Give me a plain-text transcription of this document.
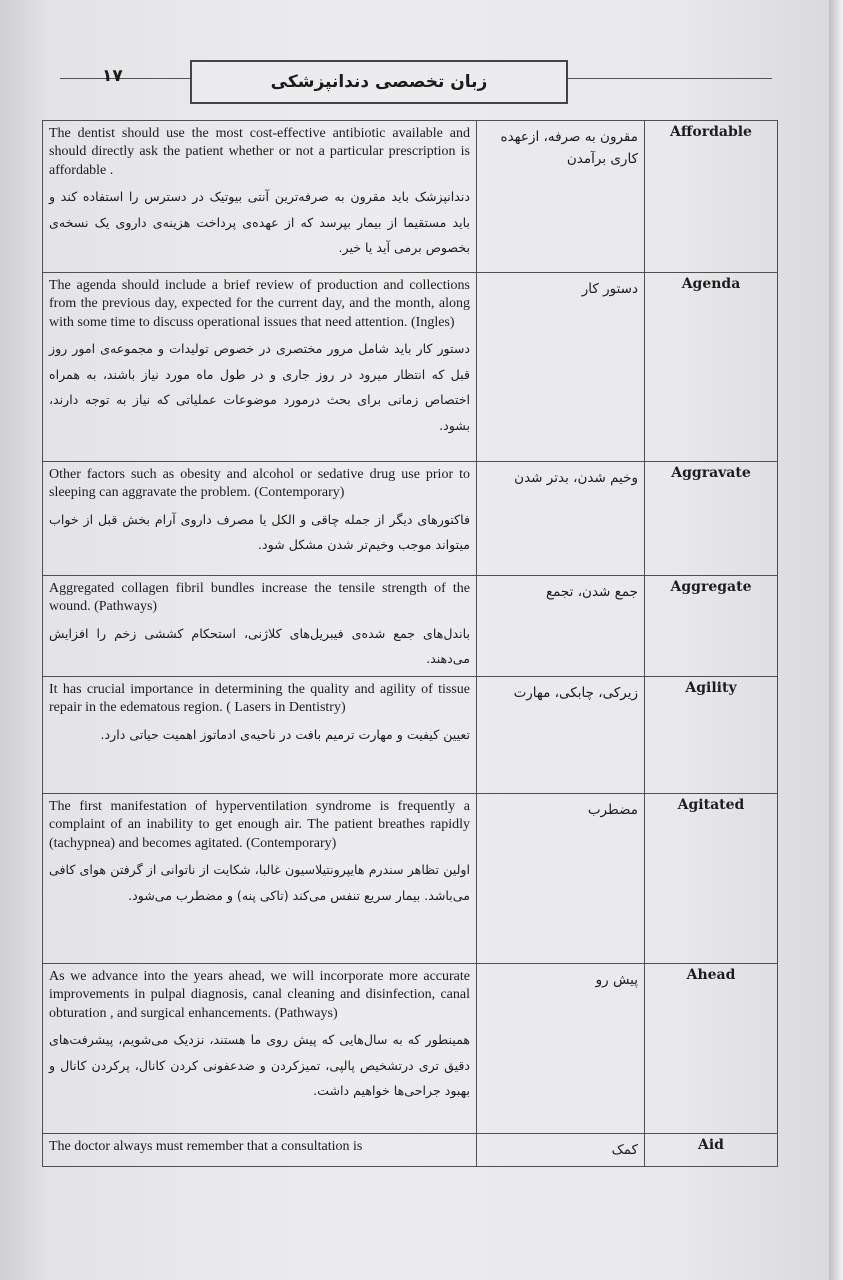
۱۷	زبان تخصصی دندانپزشکی
The dentist should use the most cost-effective antibiotic available and should directly ask the patient whether or not a particular prescription is affordable .
دندانپزشک باید مقرون به صرفه‌ترین آنتی بیوتیک در دسترس را استفاده کند و باید مستقیما از بیمار بپرسد که از عهده‌ی پرداخت هزینه‌ی داروی یک نسخه‌ی بخصوص برمی آید یا خیر.	مقرون به صرفه، ازعهده کاری برآمدن	Affordable

The agenda should include a brief review of production and collections from the previous day, expected for the current day, and the month, along with some time to discuss operational issues that need attention. (Ingles)
دستور کار باید شامل مرور مختصری در خصوص تولیدات و مجموعه‌ی امور روز قبل که انتظار میرود در روز جاری و در طول ماه مورد نیاز باشند، به همراه اختصاص زمانی برای بحث درمورد موضوعات عملیاتی که نیاز به توجه دارند، بشود.	دستور کار	Agenda

Other factors such as obesity and alcohol or sedative drug use prior to sleeping can aggravate the problem. (Contemporary)
فاکتورهای دیگر از جمله چاقی و الکل یا مصرف داروی آرام بخش قبل از خواب میتواند موجب وخیم‌تر شدن مشکل شود.	وخیم شدن، بدتر شدن	Aggravate

Aggregated collagen fibril bundles increase the tensile strength of the wound. (Pathways)
باندل‌های جمع شده‌ی فیبریل‌های کلاژنی، استحکام کششی زخم را افزایش می‌دهند.	جمع شدن، تجمع	Aggregate

It has crucial importance in determining the quality and agility of tissue repair in the edematous region. ( Lasers in Dentistry)
تعیین کیفیت و مهارت ترمیم بافت در ناحیه‌ی ادماتوز اهمیت حیاتی دارد.	زیرکی، چابکی، مهارت	Agility

The first manifestation of hyperventilation syndrome is frequently a complaint of an inability to get enough air. The patient breathes rapidly (tachypnea) and becomes agitated. (Contemporary)
اولین تظاهر سندرم هایپرونتیلاسیون غالبا، شکایت از ناتوانی از گرفتن هوای کافی می‌باشد. بیمار سریع تنفس می‌کند (تاکی پنه) و مضطرب می‌شود.	مضطرب	Agitated

As we advance into the years ahead, we will incorporate more accurate improvements in pulpal diagnosis, canal cleaning and disinfection, canal obturation , and surgical enhancements. (Pathways)
همینطور که به سال‌هایی که پیش روی ما هستند، نزدیک می‌شویم، پیشرفت‌های دقیق تری درتشخیص پالپی، تمیزکردن و ضدعفونی کردن کانال، پرکردن کانال و بهبود جراحی‌ها خواهیم داشت.	پیش رو	Ahead

The doctor always must remember that a consultation is	کمک	Aid
